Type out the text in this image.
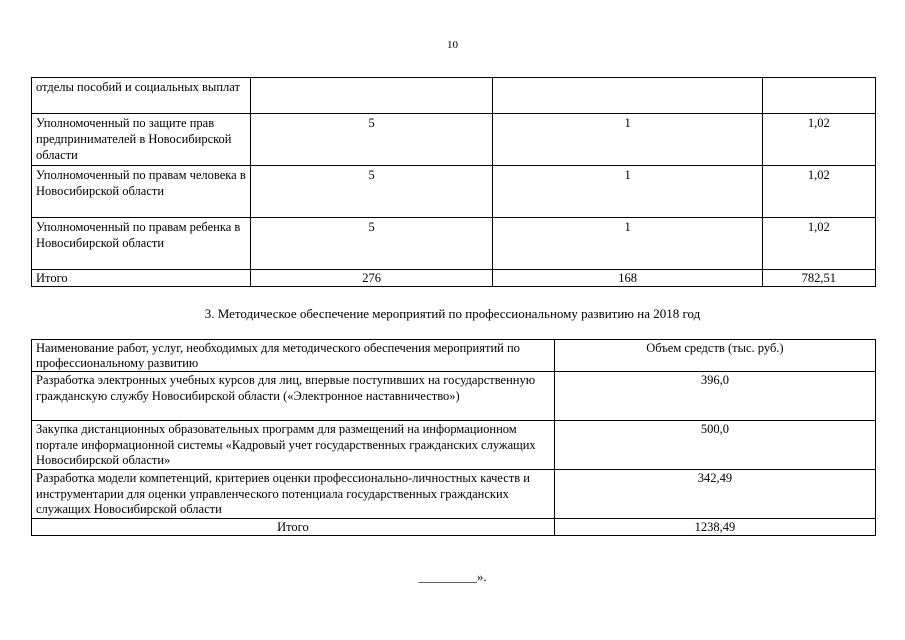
10
отделы пособий и социальных выплат			
Уполномоченный по защите прав предпринимателей в Новосибирской области	5	1	1,02
Уполномоченный по правам человека в Новосибирской области	5	1	1,02
Уполномоченный по правам ребенка в Новосибирской области	5	1	1,02
Итого	276	168	782,51
3. Методическое обеспечение мероприятий по профессиональному развитию на 2018 год
Наименование работ, услуг, необходимых для методического обеспечения мероприятий по профессиональному развитию	Объем средств (тыс. руб.)
Разработка электронных учебных курсов для лиц, впервые поступивших на государственную гражданскую службу Новосибирской области («Электронное наставничество»)	396,0
Закупка дистанционных образовательных программ для размещений на информационном портале информационной системы «Кадровый учет государственных гражданских служащих Новосибирской области»	500,0
Разработка модели компетенций, критериев оценки профессионально-личностных качеств и инструментарии для оценки управленческого потенциала государственных гражданских служащих Новосибирской области	342,49
Итого	1238,49
_________».
